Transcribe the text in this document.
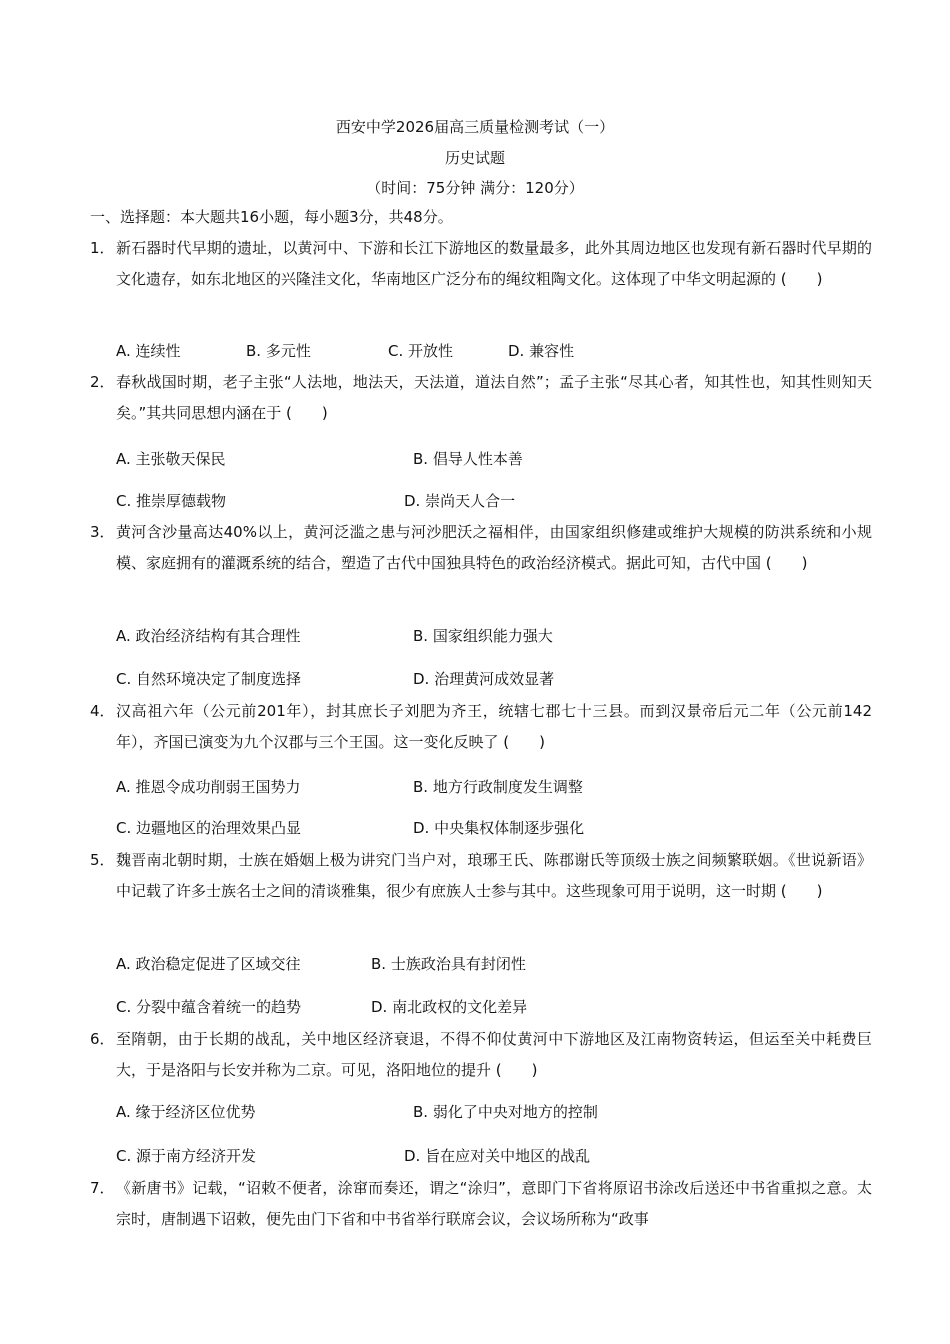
西安中学2026届高三质量检测考试（一）
历史试题
（时间：75分钟 满分：120分）
一、选择题：本大题共16小题，每小题3分，共48分。
1． 新石器时代早期的遗址，以黄河中、下游和长江下游地区的数量最多，此外其周边地区也发现有新石器时代早期的文化遗存，如东北地区的兴隆洼文化，华南地区广泛分布的绳纹粗陶文化。这体现了中华文明起源的 (　　)
A. 连续性	B. 多元性	C. 开放性	D. 兼容性
2． 春秋战国时期，老子主张“人法地，地法天，天法道，道法自然”；孟子主张“尽其心者，知其性也，知其性则知天矣。”其共同思想内涵在于 (　　)
A. 主张敬天保民	B. 倡导人性本善
C. 推崇厚德载物	D. 崇尚天人合一
3． 黄河含沙量高达40%以上，黄河泛滥之患与河沙肥沃之福相伴，由国家组织修建或维护大规模的防洪系统和小规模、家庭拥有的灌溉系统的结合，塑造了古代中国独具特色的政治经济模式。据此可知，古代中国 (　　)
A. 政治经济结构有其合理性	B. 国家组织能力强大
C. 自然环境决定了制度选择	D. 治理黄河成效显著
4． 汉高祖六年（公元前201年），封其庶长子刘肥为齐王，统辖七郡七十三县。而到汉景帝后元二年（公元前142年），齐国已演变为九个汉郡与三个王国。这一变化反映了 (　　)
A. 推恩令成功削弱王国势力	B. 地方行政制度发生调整
C. 边疆地区的治理效果凸显	D. 中央集权体制逐步强化
5． 魏晋南北朝时期，士族在婚姻上极为讲究门当户对，琅琊王氏、陈郡谢氏等顶级士族之间频繁联姻。《世说新语》中记载了许多士族名士之间的清谈雅集，很少有庶族人士参与其中。这些现象可用于说明，这一时期 (　　)
A. 政治稳定促进了区域交往	B. 士族政治具有封闭性
C. 分裂中蕴含着统一的趋势	D. 南北政权的文化差异
6． 至隋朝，由于长期的战乱，关中地区经济衰退，不得不仰仗黄河中下游地区及江南物资转运，但运至关中耗费巨大，于是洛阳与长安并称为二京。可见，洛阳地位的提升 (　　)
A. 缘于经济区位优势	B. 弱化了中央对地方的控制
C. 源于南方经济开发	D. 旨在应对关中地区的战乱
7． 《新唐书》记载，“诏敕不便者，涂窜而奏还，谓之“涂归”，意即门下省将原诏书涂改后送还中书省重拟之意。太宗时，唐制遇下诏敕，便先由门下省和中书省举行联席会议，会议场所称为“政事
